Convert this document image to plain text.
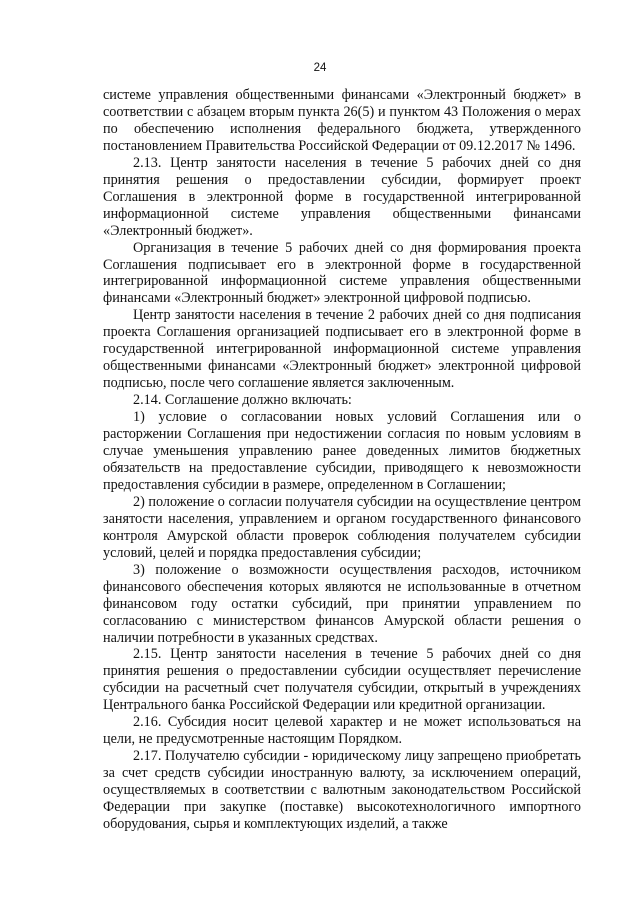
24

системе управления общественными финансами «Электронный бюджет» в соответствии с абзацем вторым пункта 26(5) и пунктом 43 Положения о мерах по обеспечению исполнения федерального бюджета, утвержденного постановлением Правительства Российской Федерации от 09.12.2017 № 1496.

2.13. Центр занятости населения в течение 5 рабочих дней со дня принятия решения о предоставлении субсидии, формирует проект Соглашения в электронной форме в государственной интегрированной информационной системе управления общественными финансами «Электронный бюджет».

Организация в течение 5 рабочих дней со дня формирования проекта Соглашения подписывает его в электронной форме в государственной интегрированной информационной системе управления общественными финансами «Электронный бюджет» электронной цифровой подписью.

Центр занятости населения в течение 2 рабочих дней со дня подписания проекта Соглашения организацией подписывает его в электронной форме в государственной интегрированной информационной системе управления общественными финансами «Электронный бюджет» электронной цифровой подписью, после чего соглашение является заключенным.

2.14. Соглашение должно включать:

1) условие о согласовании новых условий Соглашения или о расторжении Соглашения при недостижении согласия по новым условиям в случае уменьшения управлению ранее доведенных лимитов бюджетных обязательств на предоставление субсидии, приводящего к невозможности предоставления субсидии в размере, определенном в Соглашении;

2) положение о согласии получателя субсидии на осуществление центром занятости населения, управлением и органом государственного финансового контроля Амурской области проверок соблюдения получателем субсидии условий, целей и порядка предоставления субсидии;

3) положение о возможности осуществления расходов, источником финансового обеспечения которых являются не использованные в отчетном финансовом году остатки субсидий, при принятии управлением по согласованию с министерством финансов Амурской области решения о наличии потребности в указанных средствах.

2.15. Центр занятости населения в течение 5 рабочих дней со дня принятия решения о предоставлении субсидии осуществляет перечисление субсидии на расчетный счет получателя субсидии, открытый в учреждениях Центрального банка Российской Федерации или кредитной организации.

2.16. Субсидия носит целевой характер и не может использоваться на цели, не предусмотренные настоящим Порядком.

2.17. Получателю субсидии - юридическому лицу запрещено приобретать за счет средств субсидии иностранную валюту, за исключением операций, осуществляемых в соответствии с валютным законодательством Российской Федерации при закупке (поставке) высокотехнологичного импортного оборудования, сырья и комплектующих изделий, а также
